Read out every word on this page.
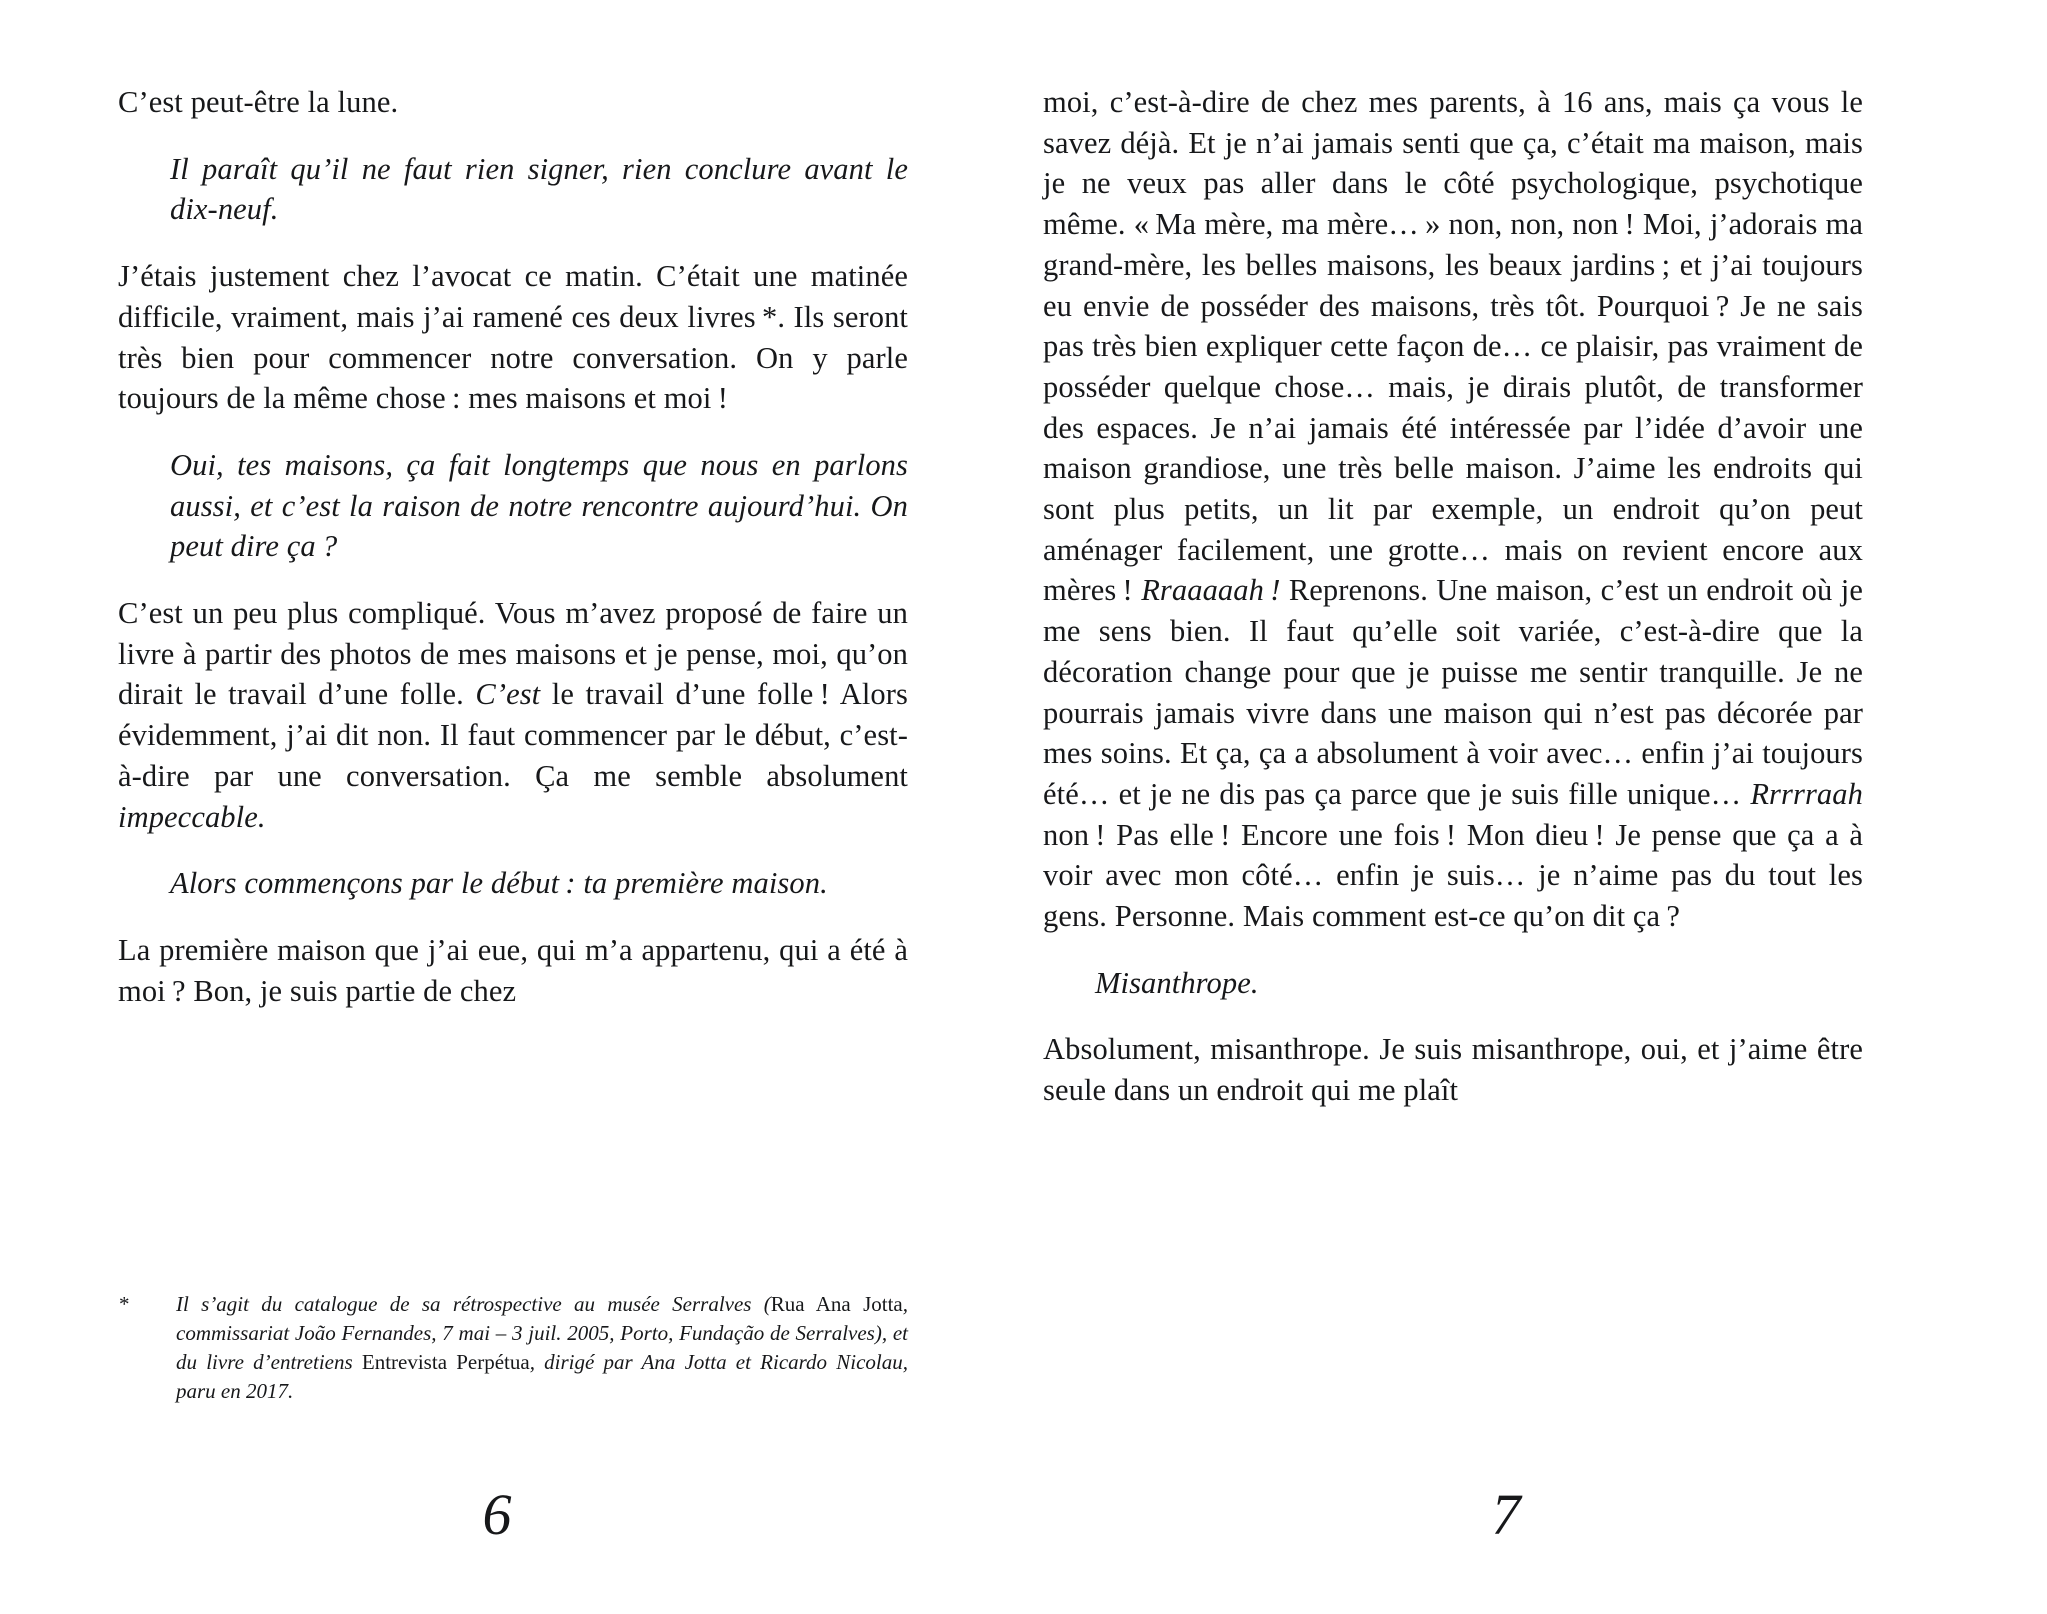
C’est peut-être la lune.

Il paraît qu’il ne faut rien signer, rien conclure avant le dix-neuf.

J’étais justement chez l’avocat ce matin. C’était une matinée difficile, vraiment, mais j’ai ramené ces deux livres *. Ils seront très bien pour commencer notre conversation. On y parle toujours de la même chose : mes maisons et moi !

Oui, tes maisons, ça fait longtemps que nous en parlons aussi, et c’est la raison de notre rencontre aujourd’hui. On peut dire ça ?

C’est un peu plus compliqué. Vous m’avez proposé de faire un livre à partir des photos de mes maisons et je pense, moi, qu’on dirait le travail d’une folle. C’est le travail d’une folle ! Alors évidemment, j’ai dit non. Il faut commencer par le début, c’est-à-dire par une conversation. Ça me semble absolument impeccable.

Alors commençons par le début : ta première maison.

La première maison que j’ai eue, qui m’a appartenu, qui a été à moi ? Bon, je suis partie de chez

*	Il s’agit du catalogue de sa rétrospective au musée Serralves (Rua Ana Jotta, commissariat João Fernandes, 7 mai – 3 juil. 2005, Porto, Fundação de Serralves), et du livre d’entretiens Entrevista Perpétua, dirigé par Ana Jotta et Ricardo Nicolau, paru en 2017.
6

moi, c’est-à-dire de chez mes parents, à 16 ans, mais ça vous le savez déjà. Et je n’ai jamais senti que ça, c’était ma maison, mais je ne veux pas aller dans le côté psychologique, psychotique même. « Ma mère, ma mère… » non, non, non ! Moi, j’adorais ma grand-mère, les belles maisons, les beaux jardins ; et j’ai toujours eu envie de posséder des maisons, très tôt. Pourquoi ? Je ne sais pas très bien expliquer cette façon de… ce plaisir, pas vraiment de posséder quelque chose… mais, je dirais plutôt, de transformer des espaces. Je n’ai jamais été intéressée par l’idée d’avoir une maison grandiose, une très belle maison. J’aime les endroits qui sont plus petits, un lit par exemple, un endroit qu’on peut aménager facilement, une grotte… mais on revient encore aux mères ! Rraaaaah ! Reprenons. Une maison, c’est un endroit où je me sens bien. Il faut qu’elle soit variée, c’est-à-dire que la décoration change pour que je puisse me sentir tranquille. Je ne pourrais jamais vivre dans une maison qui n’est pas décorée par mes soins. Et ça, ça a absolument à voir avec… enfin j’ai toujours été… et je ne dis pas ça parce que je suis fille unique… Rrrrraah non ! Pas elle ! Encore une fois ! Mon dieu ! Je pense que ça a à voir avec mon côté… enfin je suis… je n’aime pas du tout les gens. Personne. Mais comment est-ce qu’on dit ça ?

Misanthrope.

Absolument, misanthrope. Je suis misanthrope, oui, et j’aime être seule dans un endroit qui me plaît

7
